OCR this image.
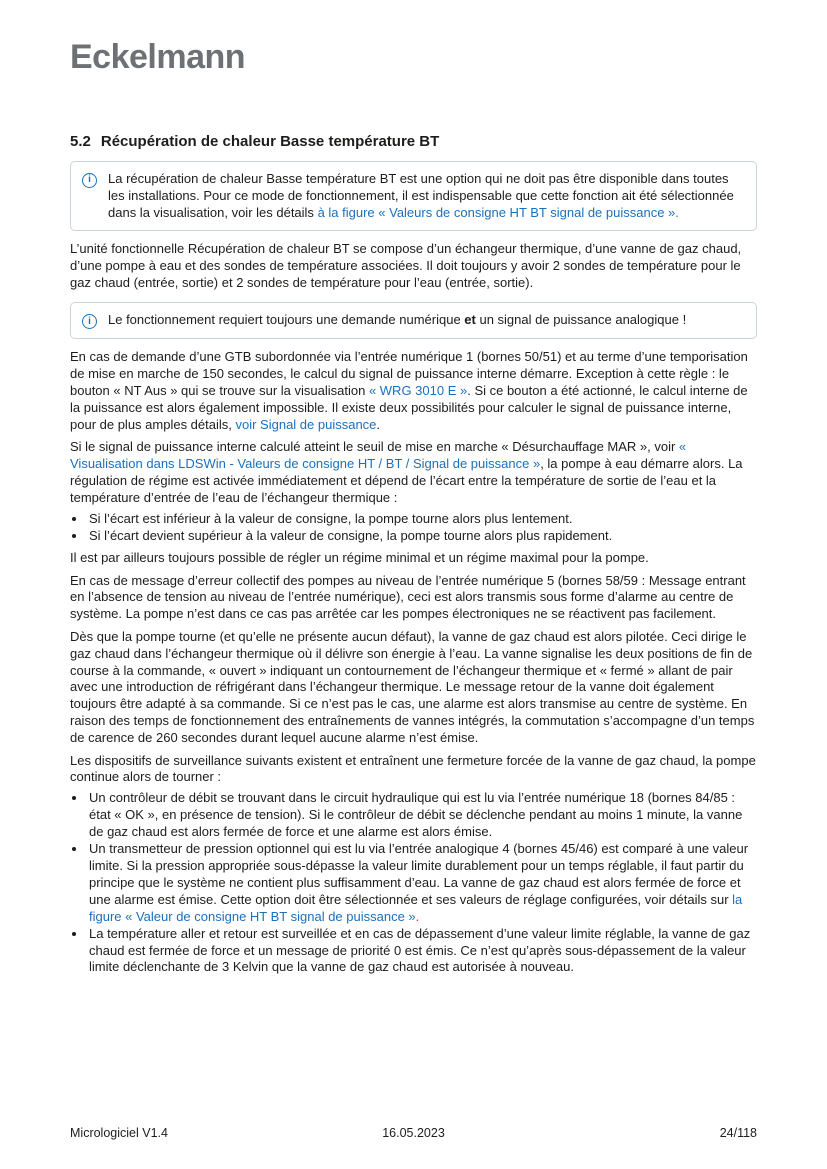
Eckelmann
5.2 Récupération de chaleur Basse température BT
i	La récupération de chaleur Basse température BT est une option qui ne doit pas être disponible dans toutes les installations. Pour ce mode de fonctionnement, il est indispensable que cette fonction ait été sélectionnée dans la visualisation, voir les détails à la figure « Valeurs de consigne HT BT signal de puissance ».

L’unité fonctionnelle Récupération de chaleur BT se compose d’un échangeur thermique, d’une vanne de gaz chaud, d’une pompe à eau et des sondes de température associées. Il doit toujours y avoir 2 sondes de température pour le gaz chaud (entrée, sortie) et 2 sondes de température pour l’eau (entrée, sortie).

i	Le fonctionnement requiert toujours une demande numérique et un signal de puissance analogique !

En cas de demande d’une GTB subordonnée via l’entrée numérique 1 (bornes 50/51) et au terme d’une temporisation de mise en marche de 150 secondes, le calcul du signal de puissance interne démarre. Exception à cette règle : le bouton « NT Aus » qui se trouve sur la visualisation « WRG 3010 E ». Si ce bouton a été actionné, le calcul interne de la puissance est alors également impossible. Il existe deux possibilités pour calculer le signal de puissance interne, pour de plus amples détails, voir Signal de puissance.

Si le signal de puissance interne calculé atteint le seuil de mise en marche « Désurchauffage MAR », voir « Visualisation dans LDSWin - Valeurs de consigne HT / BT / Signal de puissance », la pompe à eau démarre alors. La régulation de régime est activée immédiatement et dépend de l’écart entre la température de sortie de l’eau et la température d’entrée de l’eau de l’échangeur thermique :

• Si l’écart est inférieur à la valeur de consigne, la pompe tourne alors plus lentement.
• Si l’écart devient supérieur à la valeur de consigne, la pompe tourne alors plus rapidement.

Il est par ailleurs toujours possible de régler un régime minimal et un régime maximal pour la pompe.

En cas de message d’erreur collectif des pompes au niveau de l’entrée numérique 5 (bornes 58/59 : Message entrant en l’absence de tension au niveau de l’entrée numérique), ceci est alors transmis sous forme d’alarme au centre de système. La pompe n’est dans ce cas pas arrêtée car les pompes électroniques ne se réactivent pas facilement.

Dès que la pompe tourne (et qu’elle ne présente aucun défaut), la vanne de gaz chaud est alors pilotée. Ceci dirige le gaz chaud dans l’échangeur thermique où il délivre son énergie à l’eau. La vanne signalise les deux positions de fin de course à la commande, « ouvert » indiquant un contournement de l’échangeur thermique et « fermé » allant de pair avec une introduction de réfrigérant dans l’échangeur thermique. Le message retour de la vanne doit également toujours être adapté à sa commande. Si ce n’est pas le cas, une alarme est alors transmise au centre de système. En raison des temps de fonctionnement des entraînements de vannes intégrés, la commutation s’accompagne d’un temps de carence de 260 secondes durant lequel aucune alarme n’est émise.

Les dispositifs de surveillance suivants existent et entraînent une fermeture forcée de la vanne de gaz chaud, la pompe continue alors de tourner :

• Un contrôleur de débit se trouvant dans le circuit hydraulique qui est lu via l’entrée numérique 18 (bornes 84/85 : état « OK », en présence de tension). Si le contrôleur de débit se déclenche pendant au moins 1 minute, la vanne de gaz chaud est alors fermée de force et une alarme est alors émise.
• Un transmetteur de pression optionnel qui est lu via l’entrée analogique 4 (bornes 45/46) est comparé à une valeur limite. Si la pression appropriée sous-dépasse la valeur limite durablement pour un temps réglable, il faut partir du principe que le système ne contient plus suffisamment d’eau. La vanne de gaz chaud est alors fermée de force et une alarme est émise. Cette option doit être sélectionnée et ses valeurs de réglage configurées, voir détails sur la figure « Valeur de consigne HT BT signal de puissance ».
• La température aller et retour est surveillée et en cas de dépassement d’une valeur limite réglable, la vanne de gaz chaud est fermée de force et un message de priorité 0 est émis. Ce n’est qu’après sous-dépassement de la valeur limite déclenchante de 3 Kelvin que la vanne de gaz chaud est autorisée à nouveau.
Micrologiciel V1.4	16.05.2023	24/118
